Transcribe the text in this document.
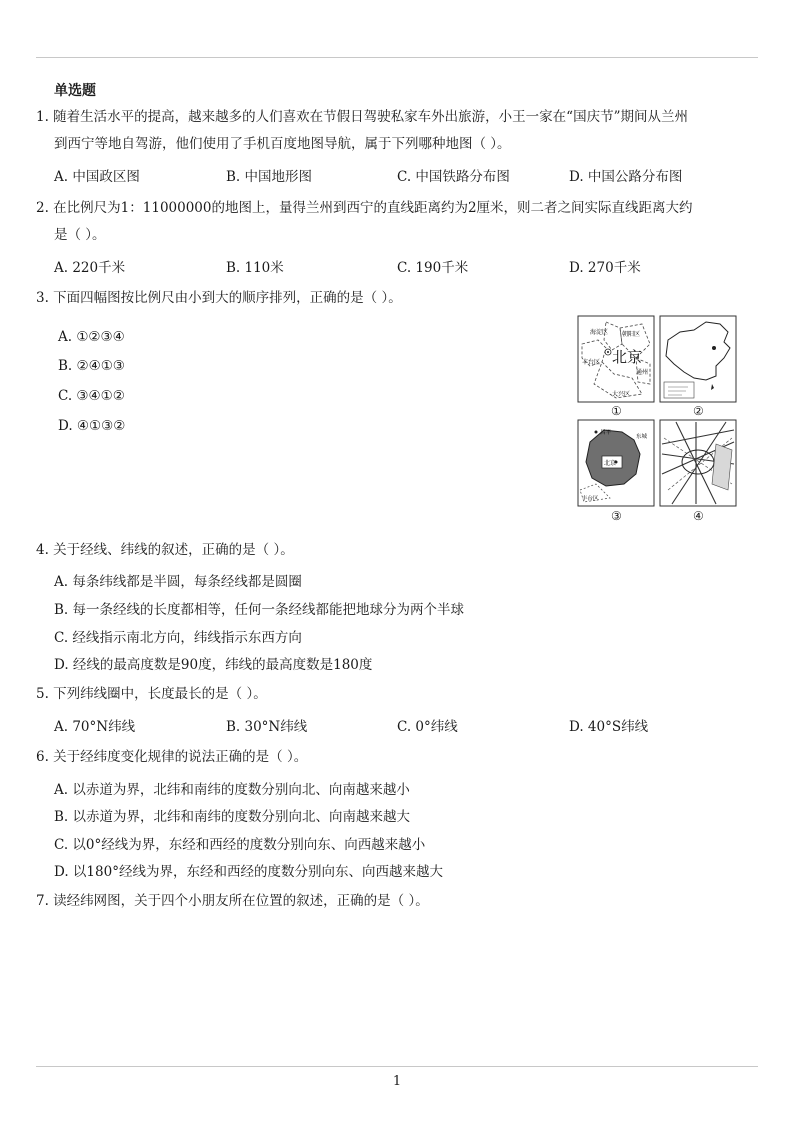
单选题
1. 随着生活水平的提高，越来越多的人们喜欢在节假日驾驶私家车外出旅游，小王一家在“国庆节”期间从兰州
到西宁等地自驾游，他们使用了手机百度地图导航，属于下列哪种地图（ ）。
A. 中国政区图	B. 中国地形图	C. 中国铁路分布图	D. 中国公路分布图
2. 在比例尺为1：11000000的地图上，量得兰州到西宁的直线距离约为2厘米，则二者之间实际直线距离大约
是（ ）。
A. 220千米	B. 110米	C. 190千米	D. 270千米
3. 下面四幅图按比例尺由小到大的顺序排列，正确的是（ ）。
A. ①②③④
B. ②④①③
C. ③④①②
D. ④①③②
海淀区 朝阳区
丰台区 北京
通州
大兴区
昌平
东城
北京
丰台区
①	②
③	④
4. 关于经线、纬线的叙述，正确的是（ ）。
A. 每条纬线都是半圆，每条经线都是圆圈
B. 每一条经线的长度都相等，任何一条经线都能把地球分为两个半球
C. 经线指示南北方向，纬线指示东西方向
D. 经线的最高度数是90度，纬线的最高度数是180度
5. 下列纬线圈中，长度最长的是（ ）。
A. 70°N纬线	B. 30°N纬线	C. 0°纬线	D. 40°S纬线
6. 关于经纬度变化规律的说法正确的是（ ）。
A. 以赤道为界，北纬和南纬的度数分别向北、向南越来越小
B. 以赤道为界，北纬和南纬的度数分别向北、向南越来越大
C. 以0°经线为界，东经和西经的度数分别向东、向西越来越小
D. 以180°经线为界，东经和西经的度数分别向东、向西越来越大
7. 读经纬网图，关于四个小朋友所在位置的叙述，正确的是（ ）。
1
